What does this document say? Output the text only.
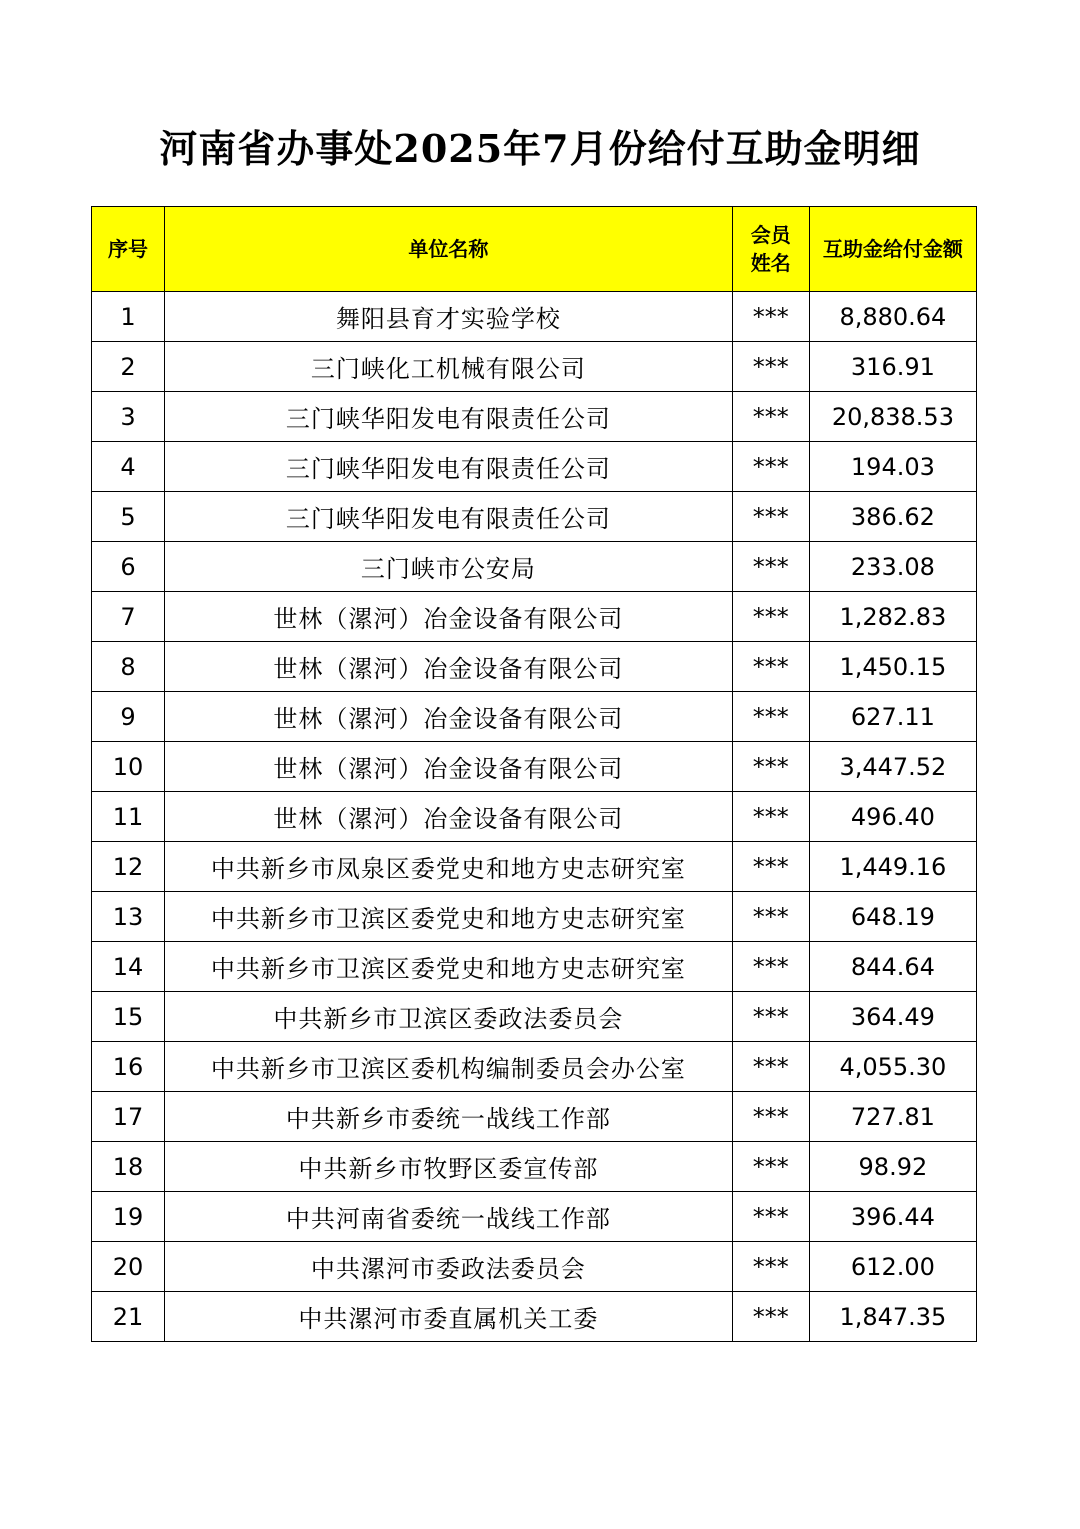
河南省办事处2025年7月份给付互助金明细
序号	单位名称	会员姓名	互助金给付金额
1	舞阳县育才实验学校	***	8,880.64
2	三门峡化工机械有限公司	***	316.91
3	三门峡华阳发电有限责任公司	***	20,838.53
4	三门峡华阳发电有限责任公司	***	194.03
5	三门峡华阳发电有限责任公司	***	386.62
6	三门峡市公安局	***	233.08
7	世林（漯河）冶金设备有限公司	***	1,282.83
8	世林（漯河）冶金设备有限公司	***	1,450.15
9	世林（漯河）冶金设备有限公司	***	627.11
10	世林（漯河）冶金设备有限公司	***	3,447.52
11	世林（漯河）冶金设备有限公司	***	496.40
12	中共新乡市凤泉区委党史和地方史志研究室	***	1,449.16
13	中共新乡市卫滨区委党史和地方史志研究室	***	648.19
14	中共新乡市卫滨区委党史和地方史志研究室	***	844.64
15	中共新乡市卫滨区委政法委员会	***	364.49
16	中共新乡市卫滨区委机构编制委员会办公室	***	4,055.30
17	中共新乡市委统一战线工作部	***	727.81
18	中共新乡市牧野区委宣传部	***	98.92
19	中共河南省委统一战线工作部	***	396.44
20	中共漯河市委政法委员会	***	612.00
21	中共漯河市委直属机关工委	***	1,847.35
